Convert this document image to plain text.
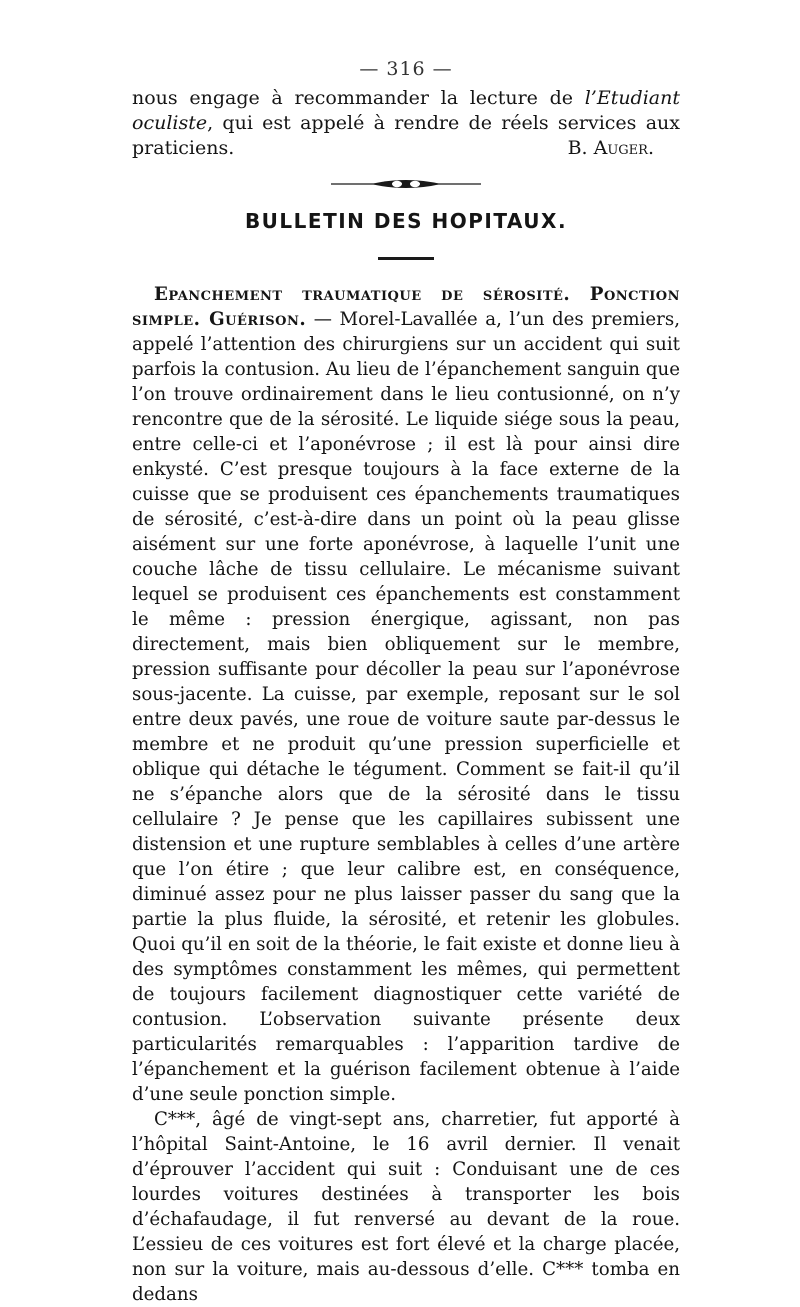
— 316 —
nous engage à recommander la lecture de l’Etudiant oculiste, qui est appelé à rendre de réels services aux praticiens.	B. Auger.
BULLETIN DES HOPITAUX.

Epanchement traumatique de sérosité. Ponction simple. Guérison. — Morel-Lavallée a, l’un des premiers, appelé l’attention des chirurgiens sur un accident qui suit parfois la contusion. Au lieu de l’épanchement sanguin que l’on trouve ordinairement dans le lieu contusionné, on n’y rencontre que de la sérosité. Le liquide siége sous la peau, entre celle-ci et l’aponévrose ; il est là pour ainsi dire enkysté. C’est presque toujours à la face externe de la cuisse que se produisent ces épanchements traumatiques de sérosité, c’est-à-dire dans un point où la peau glisse aisément sur une forte aponévrose, à laquelle l’unit une couche lâche de tissu cellulaire. Le mécanisme suivant lequel se produisent ces épanchements est constamment le même : pression énergique, agissant, non pas directement, mais bien obliquement sur le membre, pression suffisante pour décoller la peau sur l’aponévrose sous-jacente. La cuisse, par exemple, reposant sur le sol entre deux pavés, une roue de voiture saute par-dessus le membre et ne produit qu’une pression superficielle et oblique qui détache le tégument. Comment se fait-il qu’il ne s’épanche alors que de la sérosité dans le tissu cellulaire ? Je pense que les capillaires subissent une distension et une rupture semblables à celles d’une artère que l’on étire ; que leur calibre est, en conséquence, diminué assez pour ne plus laisser passer du sang que la partie la plus fluide, la sérosité, et retenir les globules. Quoi qu’il en soit de la théorie, le fait existe et donne lieu à des symptômes constamment les mêmes, qui permettent de toujours facilement diagnostiquer cette variété de contusion. L’observation suivante présente deux particularités remarquables : l’apparition tardive de l’épanchement et la guérison facilement obtenue à l’aide d’une seule ponction simple.

C***, âgé de vingt-sept ans, charretier, fut apporté à l’hôpital Saint-Antoine, le 16 avril dernier. Il venait d’éprouver l’accident qui suit : Conduisant une de ces lourdes voitures destinées à transporter les bois d’échafaudage, il fut renversé au devant de la roue. L’essieu de ces voitures est fort élevé et la charge placée, non sur la voiture, mais au-dessous d’elle. C*** tomba en dedans
